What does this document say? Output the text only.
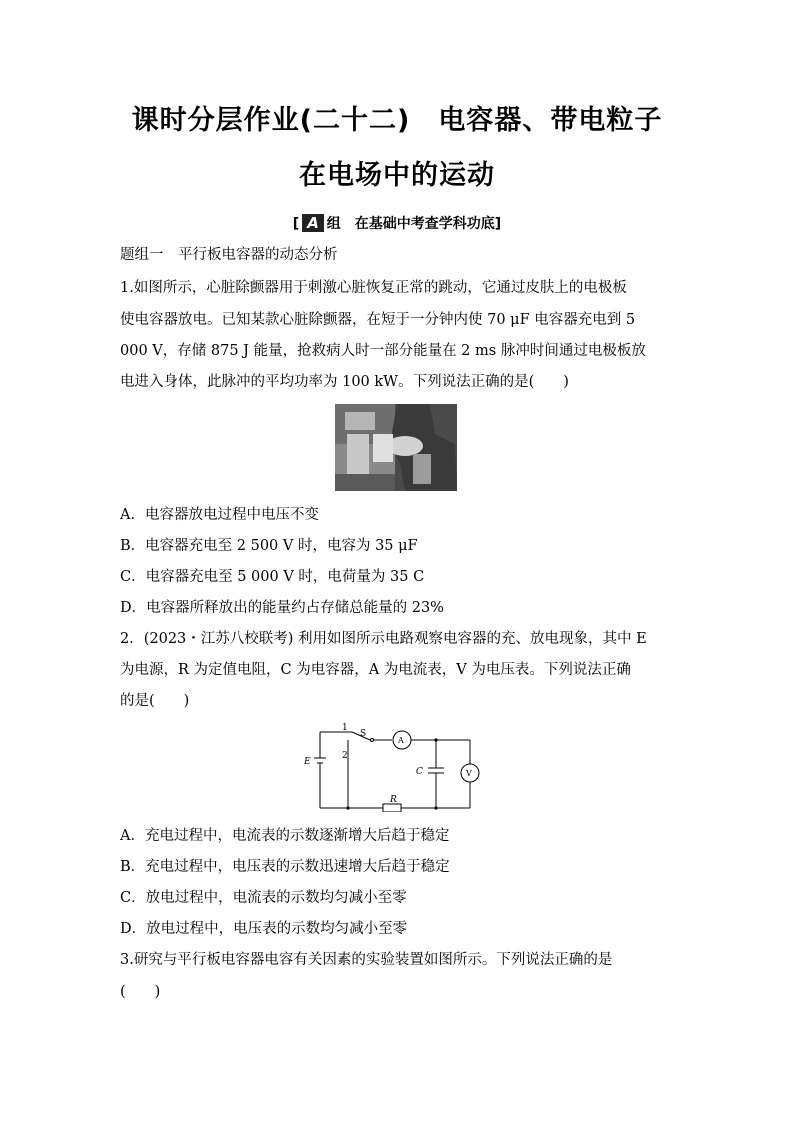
课时分层作业(二十二)　电容器、带电粒子
在电场中的运动
[ A 组　在基础中考查学科功底]
题组一　平行板电容器的动态分析
1.如图所示，心脏除颤器用于刺激心脏恢复正常的跳动，它通过皮肤上的电极板
使电容器放电。已知某款心脏除颤器，在短于一分钟内使 70 μF 电容器充电到 5
000 V，存储 875 J 能量，抢救病人时一部分能量在 2 ms 脉冲时间通过电极板放
电进入身体，此脉冲的平均功率为 100 kW。下列说法正确的是(　　)
A．电容器放电过程中电压不变
B．电容器充电至 2 500 V 时，电容为 35 μF
C．电容器充电至 5 000 V 时，电荷量为 35 C
D．电容器所释放出的能量约占存储总能量的 23%
2．(2023・江苏八校联考) 利用如图所示电路观察电容器的充、放电现象，其中 E
为电源，R 为定值电阻，C 为电容器，A 为电流表，V 为电压表。下列说法正确
的是(　　)
E
1
2
S
A
C	V
R
A．充电过程中，电流表的示数逐渐增大后趋于稳定
B．充电过程中，电压表的示数迅速增大后趋于稳定
C．放电过程中，电流表的示数均匀减小至零
D．放电过程中，电压表的示数均匀减小至零
3.研究与平行板电容器电容有关因素的实验装置如图所示。下列说法正确的是
(　　)
